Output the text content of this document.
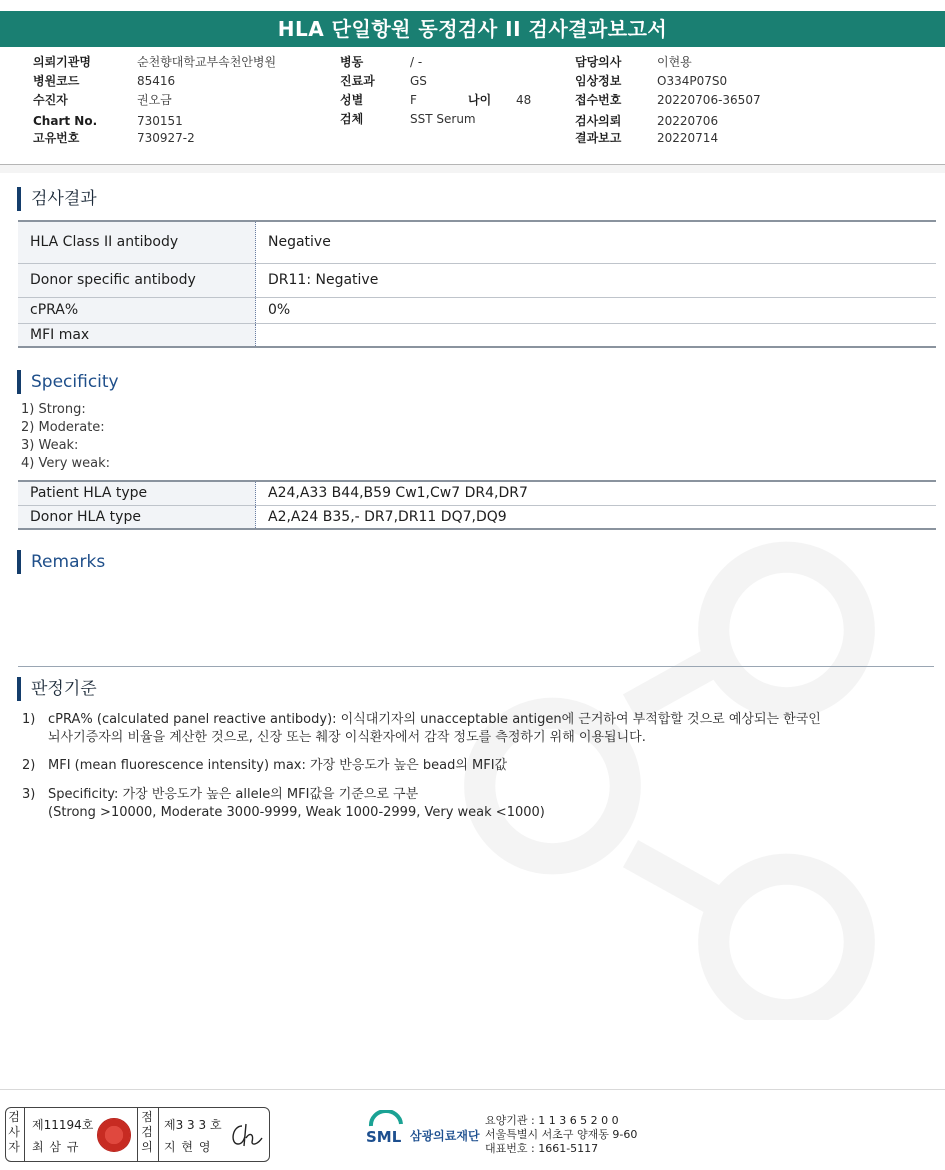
HLA 단일항원 동정검사 II 검사결과보고서
의뢰기관명	순천향대학교부속천안병원
병원코드	85416
수진자	권오금
Chart No.	730151
고유번호	730927-2
병동	/ -
진료과	GS
성별	F
검체	SST Serum
나이 48
담당의사	이현용
임상정보	O334P07S0
접수번호	20220706-36507
검사의뢰	20220706
결과보고	20220714
검사결과
HLA Class II antibody	Negative
Donor specific antibody	DR11: Negative
cPRA%	0%
MFI max	
Specificity
1) Strong:
2) Moderate:
3) Weak:
4) Very weak:
Patient HLA type	A24,A33 B44,B59 Cw1,Cw7 DR4,DR7
Donor HLA type	A2,A24 B35,- DR7,DR11 DQ7,DQ9
Remarks
판정기준
1) cPRA% (calculated panel reactive antibody): 이식대기자의 unacceptable antigen에 근거하여 부적합할 것으로 예상되는 한국인
뇌사기증자의 비율을 계산한 것으로, 신장 또는 췌장 이식환자에서 감작 정도를 측정하기 위해 이용됩니다.
2) MFI (mean fluorescence intensity) max: 가장 반응도가 높은 bead의 MFI값
3) Specificity: 가장 반응도가 높은 allele의 MFI값을 기준으로 구분
(Strong >10000, Moderate 3000-9999, Weak 1000-2999, Very weak <1000)
검사자
제11194호
최 삼 규
점검의
제3 3 3 호
지 현 영
SML 삼광의료재단
요양기관 : 1 1 3 6 5 2 0 0
서울특별시 서초구 양재동 9-60
대표번호 : 1661-5117
